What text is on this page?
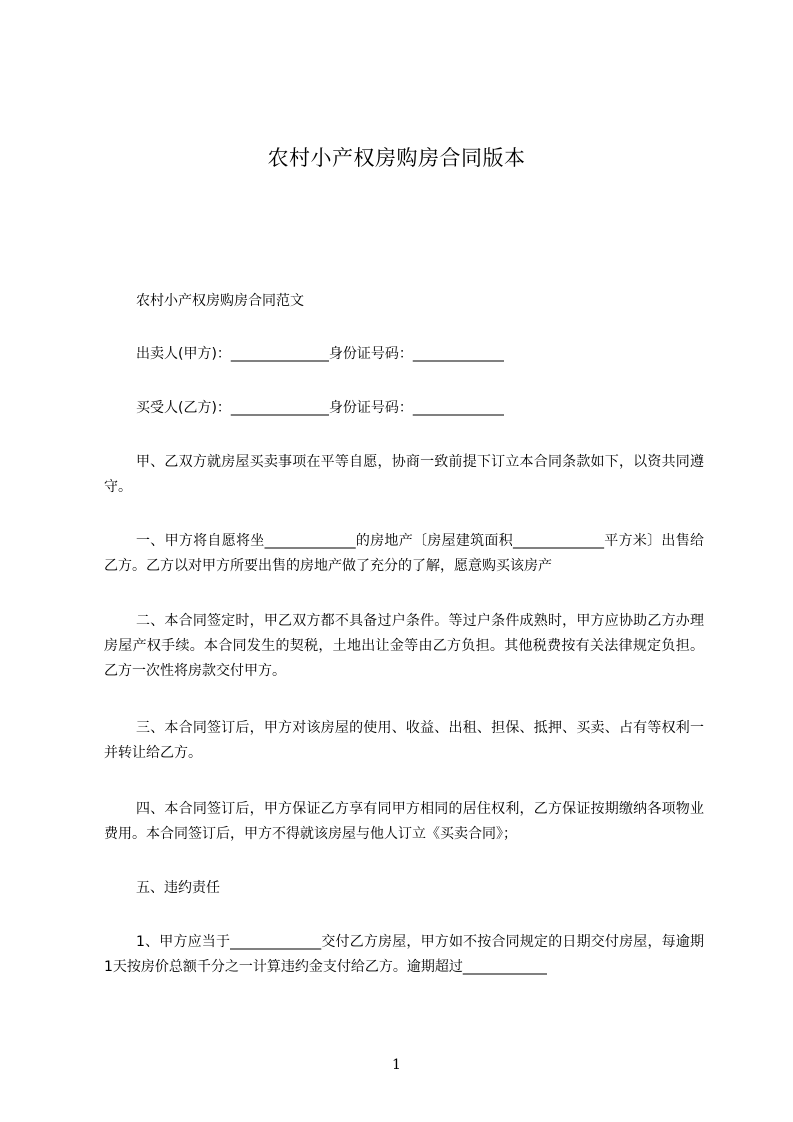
农村小产权房购房合同版本

农村小产权房购房合同范文

出卖人(甲方)：______________身份证号码：_____________

买受人(乙方)：______________身份证号码：_____________

甲、乙双方就房屋买卖事项在平等自愿，协商一致前提下订立本合同条款如下，以资共同遵守。

一、甲方将自愿将坐_____________的房地产〔房屋建筑面积_____________平方米〕出售给乙方。乙方以对甲方所要出售的房地产做了充分的了解，愿意购买该房产

二、本合同签定时，甲乙双方都不具备过户条件。等过户条件成熟时，甲方应协助乙方办理房屋产权手续。本合同发生的契税，土地出让金等由乙方负担。其他税费按有关法律规定负担。乙方一次性将房款交付甲方。

三、本合同签订后，甲方对该房屋的使用、收益、出租、担保、抵押、买卖、占有等权利一并转让给乙方。

四、本合同签订后，甲方保证乙方享有同甲方相同的居住权利，乙方保证按期缴纳各项物业费用。本合同签订后，甲方不得就该房屋与他人订立《买卖合同》；

五、违约责任

1、甲方应当于_____________交付乙方房屋，甲方如不按合同规定的日期交付房屋，每逾期1天按房价总额千分之一计算违约金支付给乙方。逾期超过____________

1
